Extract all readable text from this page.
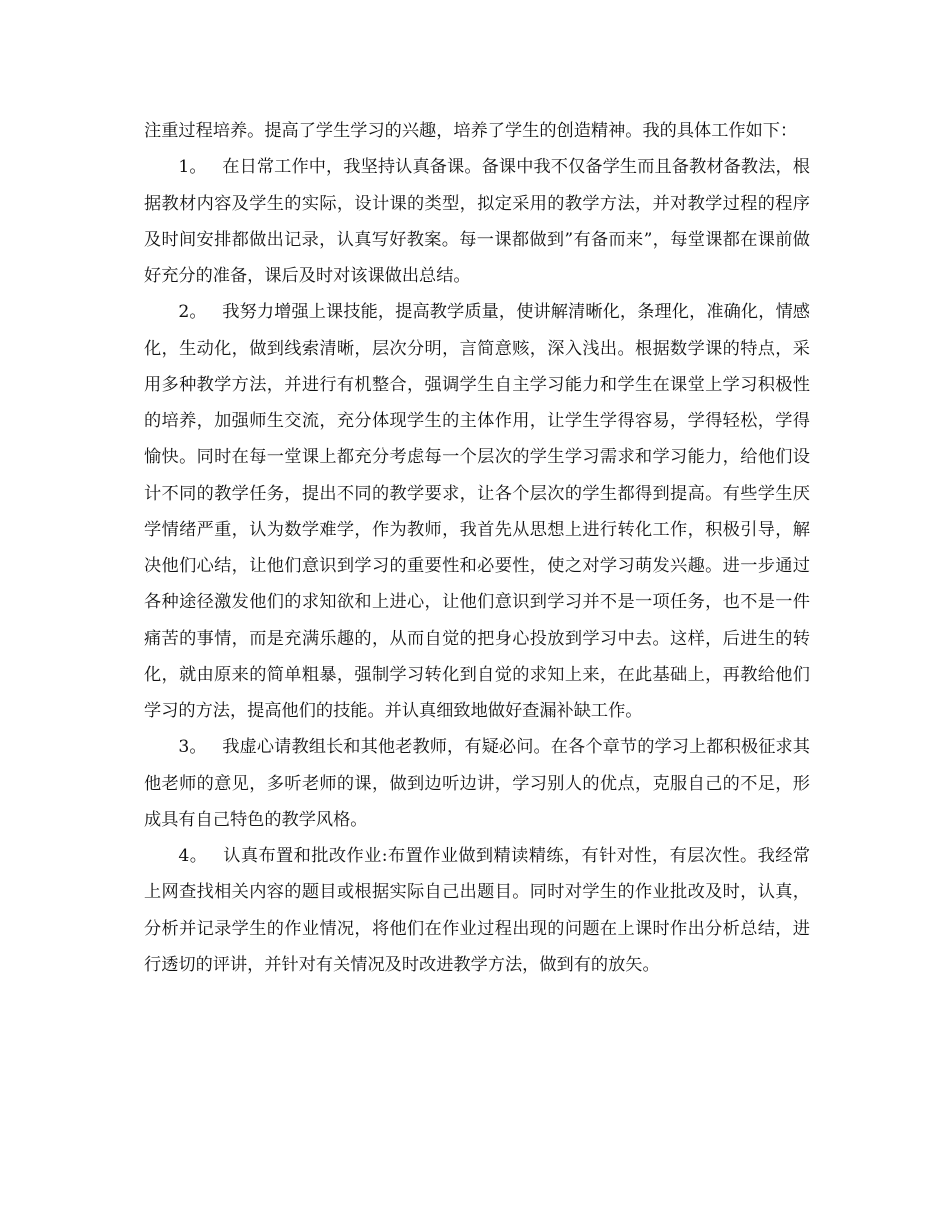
注重过程培养。提高了学生学习的兴趣，培养了学生的创造精神。我的具体工作如下：

1。 在日常工作中，我坚持认真备课。备课中我不仅备学生而且备教材备教法，根据教材内容及学生的实际，设计课的类型，拟定采用的教学方法，并对教学过程的程序及时间安排都做出记录，认真写好教案。每一课都做到”有备而来”，每堂课都在课前做好充分的准备，课后及时对该课做出总结。

2。 我努力增强上课技能，提高教学质量，使讲解清晰化，条理化，准确化，情感化，生动化，做到线索清晰，层次分明，言简意赅，深入浅出。根据数学课的特点，采用多种教学方法，并进行有机整合，强调学生自主学习能力和学生在课堂上学习积极性的培养，加强师生交流，充分体现学生的主体作用，让学生学得容易，学得轻松，学得愉快。同时在每一堂课上都充分考虑每一个层次的学生学习需求和学习能力，给他们设计不同的教学任务，提出不同的教学要求，让各个层次的学生都得到提高。有些学生厌学情绪严重，认为数学难学，作为教师，我首先从思想上进行转化工作，积极引导，解决他们心结，让他们意识到学习的重要性和必要性，使之对学习萌发兴趣。进一步通过各种途径激发他们的求知欲和上进心，让他们意识到学习并不是一项任务，也不是一件痛苦的事情，而是充满乐趣的，从而自觉的把身心投放到学习中去。这样，后进生的转化，就由原来的简单粗暴，强制学习转化到自觉的求知上来，在此基础上，再教给他们学习的方法，提高他们的技能。并认真细致地做好查漏补缺工作。

3。 我虚心请教组长和其他老教师，有疑必问。在各个章节的学习上都积极征求其他老师的意见，多听老师的课，做到边听边讲，学习别人的优点，克服自己的不足，形成具有自己特色的教学风格。

4。 认真布置和批改作业:布置作业做到精读精练，有针对性，有层次性。我经常上网查找相关内容的题目或根据实际自己出题目。同时对学生的作业批改及时，认真，分析并记录学生的作业情况，将他们在作业过程出现的问题在上课时作出分析总结，进行透切的评讲，并针对有关情况及时改进教学方法，做到有的放矢。
